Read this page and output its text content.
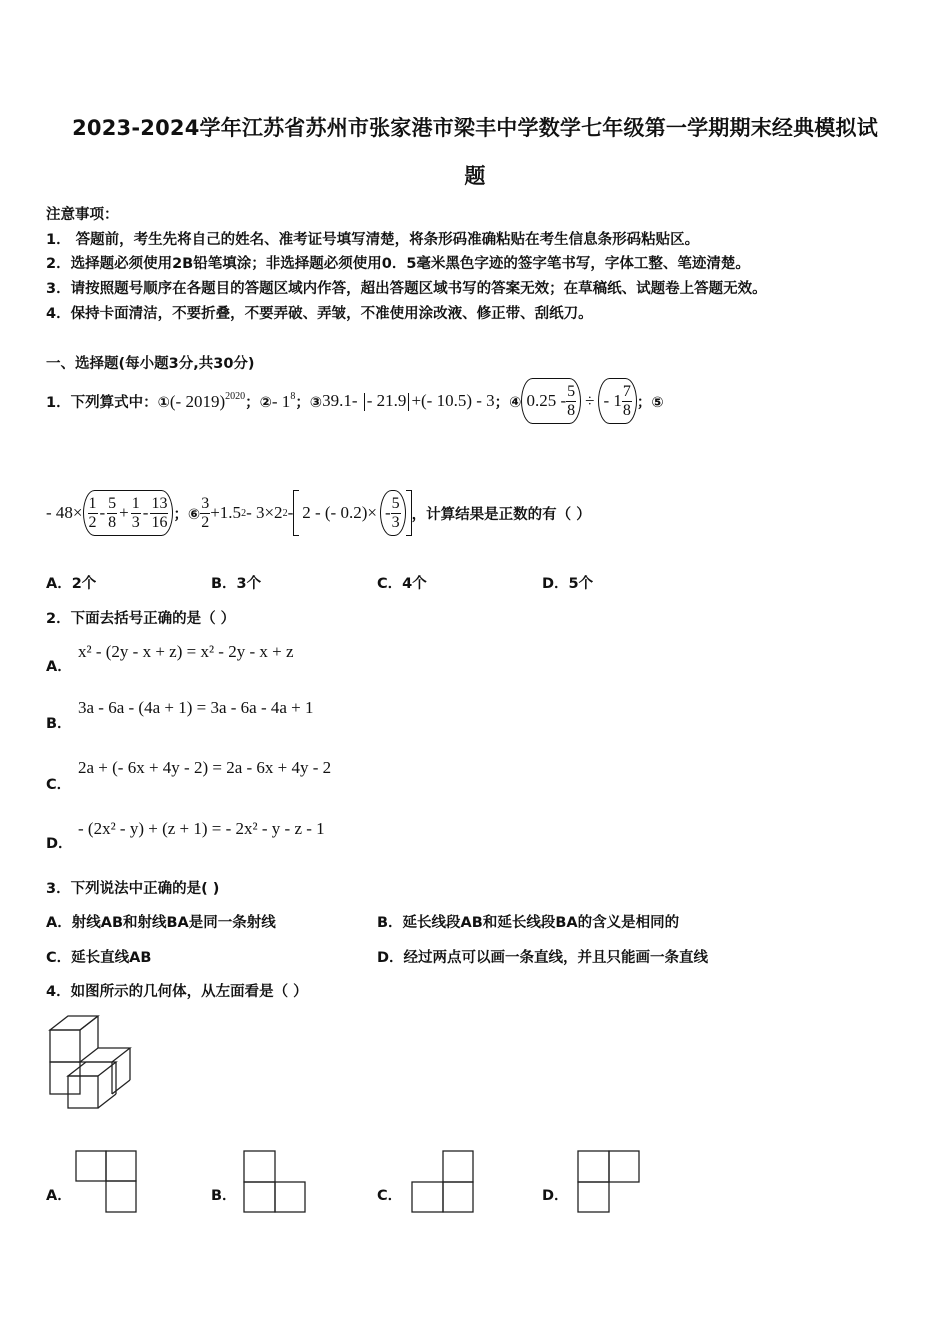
2023-2024学年江苏省苏州市张家港市梁丰中学数学七年级第一学期期末经典模拟试
题
注意事项：
1． 答题前，考生先将自己的姓名、准考证号填写清楚，将条形码准确粘贴在考生信息条形码粘贴区。
2．选择题必须使用2B铅笔填涂；非选择题必须使用0．5毫米黑色字迹的签字笔书写，字体工整、笔迹清楚。
3．请按照题号顺序在各题目的答题区域内作答，超出答题区域书写的答案无效；在草稿纸、试题卷上答题无效。
4．保持卡面清洁，不要折叠，不要弄破、弄皱，不准使用涂改液、修正带、刮纸刀。
一、选择题(每小题3分,共30分)
1．下列算式中：① (- 2019)$^{2020}$ ；② - $1^8$ ；③ 39.1- - 21.9 +(- 10.5) - 3 ；④ $0.25 - \frac{5}{8}$ ÷ - $1 \frac{7}{8}$ ；⑤
- $48\times \frac{1}{2} - \frac{5}{8} + \frac{1}{3} - \frac{13}{16}$ ；⑥ $\frac{3}{2} +1.5$ 2 - 3×2 2 - 2 - (- $0.2)\times - \frac{5}{3}$ ，计算结果是正数的有（ ）
A．2个	B．3个	C．4个	D．5个
2．下面去括号正确的是（ ）
A．
x² - (2y - x + z) = x² - 2y - x + z
B．
3a - 6a - (4a + 1) = 3a - 6a - 4a + 1
C．
2a + (- 6x + 4y - 2) = 2a - 6x + 4y - 2
D．
- (2x² - y) + (z + 1) = - 2x² - y - z - 1
3．下列说法中正确的是( )
A．射线AB和射线BA是同一条射线	B．延长线段AB和延长线段BA的含义是相同的
C．延长直线AB	D．经过两点可以画一条直线，并且只能画一条直线
4．如图所示的几何体，从左面看是（ ）
A．	B．	C．	D．
